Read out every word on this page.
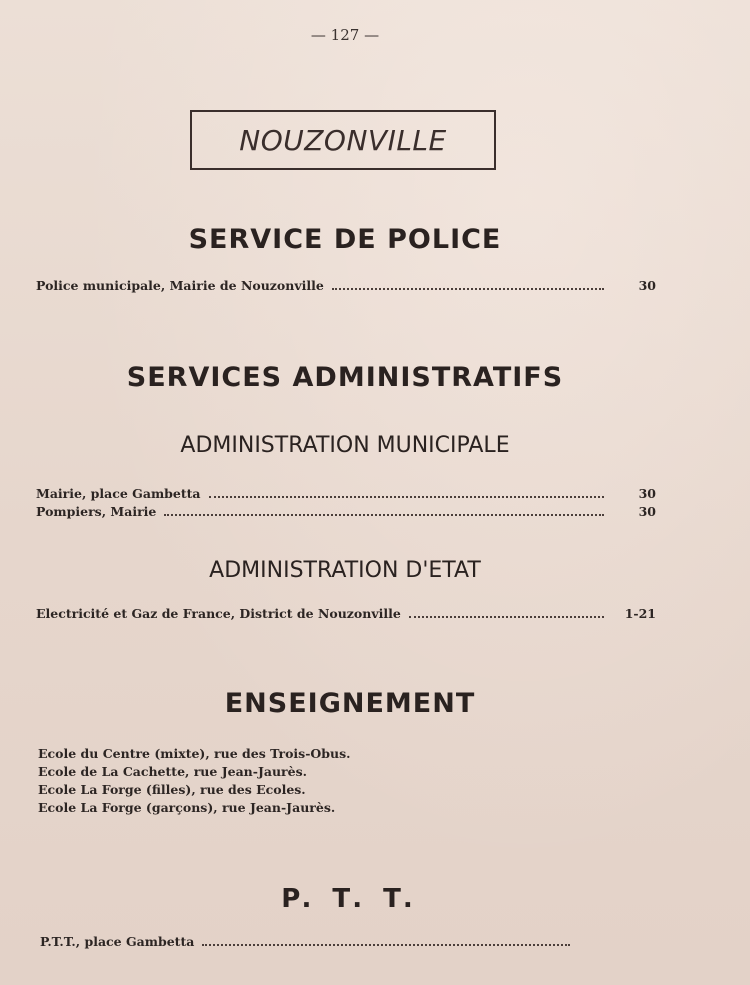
— 127 —
NOUZONVILLE
SERVICE DE POLICE
Police municipale, Mairie de Nouzonville	30
SERVICES ADMINISTRATIFS
ADMINISTRATION MUNICIPALE
Mairie, place Gambetta	30
Pompiers, Mairie	30
ADMINISTRATION D'ETAT
Electricité et Gaz de France, District de Nouzonville	1-21
ENSEIGNEMENT
Ecole du Centre (mixte), rue des Trois-Obus.
Ecole de La Cachette, rue Jean-Jaurès.
Ecole La Forge (filles), rue des Ecoles.
Ecole La Forge (garçons), rue Jean-Jaurès.
P. T. T.
P.T.T., place Gambetta
